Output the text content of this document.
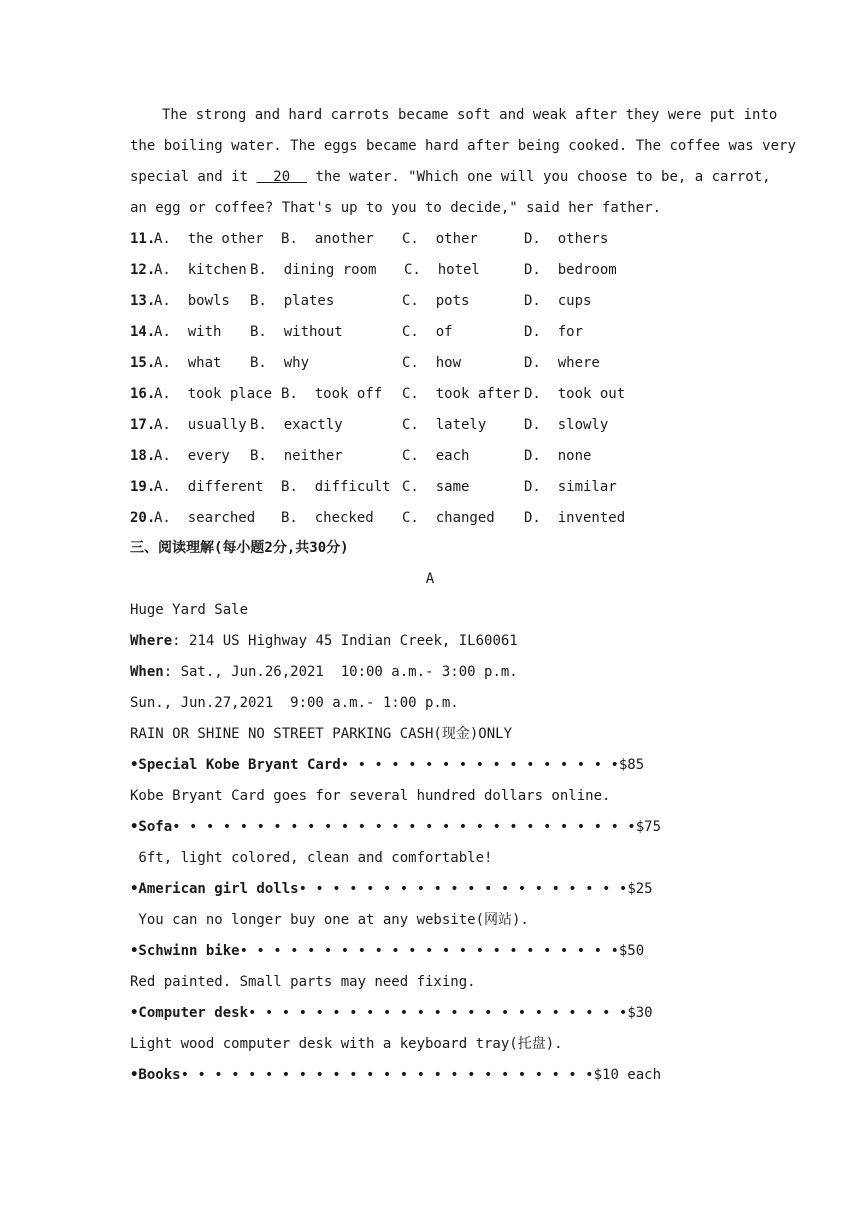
The strong and hard carrots became soft and weak after they were put into
the boiling water. The eggs became hard after being cooked. The coffee was very
special and it   20   the water. "Which one will you choose to be, a carrot,
an egg or coffee? That's up to you to decide," said her father.
11.
A.  the other B.  another C.  other	D.  others
12.
A.  kitchen B.  dining room C.  hotel	D.  bedroom
13.
A.  bowls B.  plates	C.  pots	D.  cups
14.
A.  with B.  without	C.  of	D.  for
15.
A.  what B.  why	C.  how	D.  where
16.
A.  took place B.  took off C.  took after D.  took out
17.
A.  usually B.  exactly	C.  lately	D.  slowly
18.
A.  every B.  neither	C.  each	D.  none
19.
A.  different B.  difficult C.  same	D.  similar
20.
A.  searched B.  checked C.  changed D.  invented
三、阅读理解(每小题2分,共30分)
A
Huge Yard Sale
Where: 214 US Highway 45 Indian Creek, IL60061
When: Sat., Jun.26,2021  10:00 a.m.- 3:00 p.m.
Sun., Jun.27,2021  9:00 a.m.- 1:00 p.m.
RAIN OR SHINE NO STREET PARKING CASH(现金)ONLY
•Special Kobe Bryant Card• • • • • • • • • • • • • • • • •$85
Kobe Bryant Card goes for several hundred dollars online.
•Sofa• • • • • • • • • • • • • • • • • • • • • • • • • • • •$75
6ft, light colored, clean and comfortable!
•American girl dolls• • • • • • • • • • • • • • • • • • • •$25
You can no longer buy one at any website(网站).
•Schwinn bike• • • • • • • • • • • • • • • • • • • • • • •$50
Red painted. Small parts may need fixing.
•Computer desk• • • • • • • • • • • • • • • • • • • • • • •$30
Light wood computer desk with a keyboard tray(托盘).
•Books• • • • • • • • • • • • • • • • • • • • • • • • •$10 each
